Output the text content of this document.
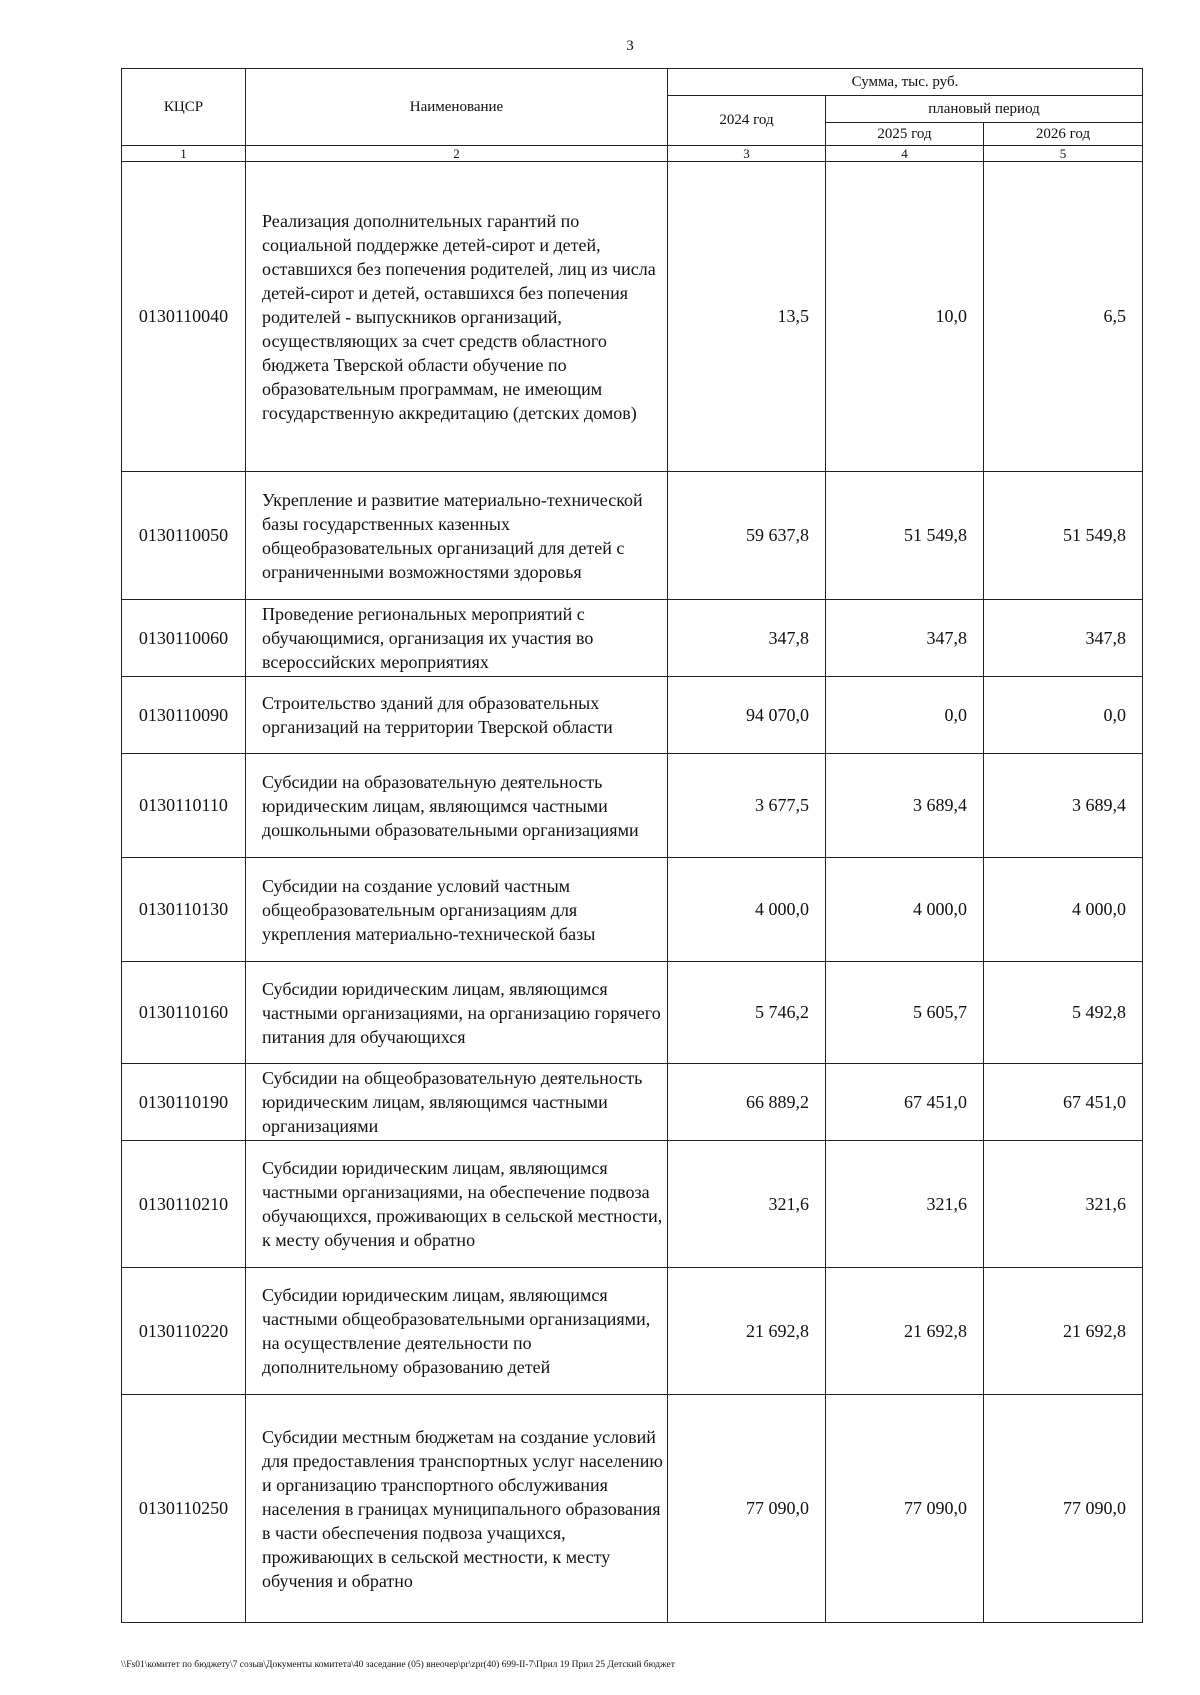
3
КЦСР	Наименование	Сумма, тыс. руб.		
		2024 год	плановый период	
			2025 год	2026 год
1	2	3	4	5
0130110040	Реализация дополнительных гарантий по социальной поддержке детей-сирот и детей, оставшихся без попечения родителей, лиц из числа детей-сирот и детей, оставшихся без попечения родителей - выпускников организаций, осуществляющих за счет средств областного бюджета Тверской области обучение по образовательным программам, не имеющим государственную аккредитацию (детских домов)	13,5	10,0	6,5
0130110050	Укрепление и развитие материально-технической базы государственных казенных общеобразовательных организаций для детей с ограниченными возможностями здоровья	59 637,8	51 549,8	51 549,8
0130110060	Проведение региональных мероприятий с обучающимися, организация их участия во всероссийских мероприятиях	347,8	347,8	347,8
0130110090	Строительство зданий для образовательных организаций на территории Тверской области	94 070,0	0,0	0,0
0130110110	Субсидии на образовательную деятельность юридическим лицам, являющимся частными дошкольными образовательными организациями	3 677,5	3 689,4	3 689,4
0130110130	Субсидии на создание условий частным общеобразовательным организациям для укрепления материально-технической базы	4 000,0	4 000,0	4 000,0
0130110160	Субсидии юридическим лицам, являющимся частными организациями, на организацию горячего питания для обучающихся	5 746,2	5 605,7	5 492,8
0130110190	Субсидии на общеобразовательную деятельность юридическим лицам, являющимся частными организациями	66 889,2	67 451,0	67 451,0
0130110210	Субсидии юридическим лицам, являющимся частными организациями, на обеспечение подвоза обучающихся, проживающих в сельской местности, к месту обучения и обратно	321,6	321,6	321,6
0130110220	Субсидии юридическим лицам, являющимся частными общеобразовательными организациями, на осуществление деятельности по дополнительному образованию детей	21 692,8	21 692,8	21 692,8
0130110250	Субсидии местным бюджетам на создание условий для предоставления транспортных услуг населению и организацию транспортного обслуживания населения в границах муниципального образования в части обеспечения подвоза учащихся, проживающих в сельской местности, к месту обучения и обратно	77 090,0	77 090,0	77 090,0
\\Fs01\комитет по бюджету\7 созыв\Документы комитета\40 заседание (05) внеочер\pr\zpr(40) 699-II-7\Прил 19 Прил 25 Детский бюджет
